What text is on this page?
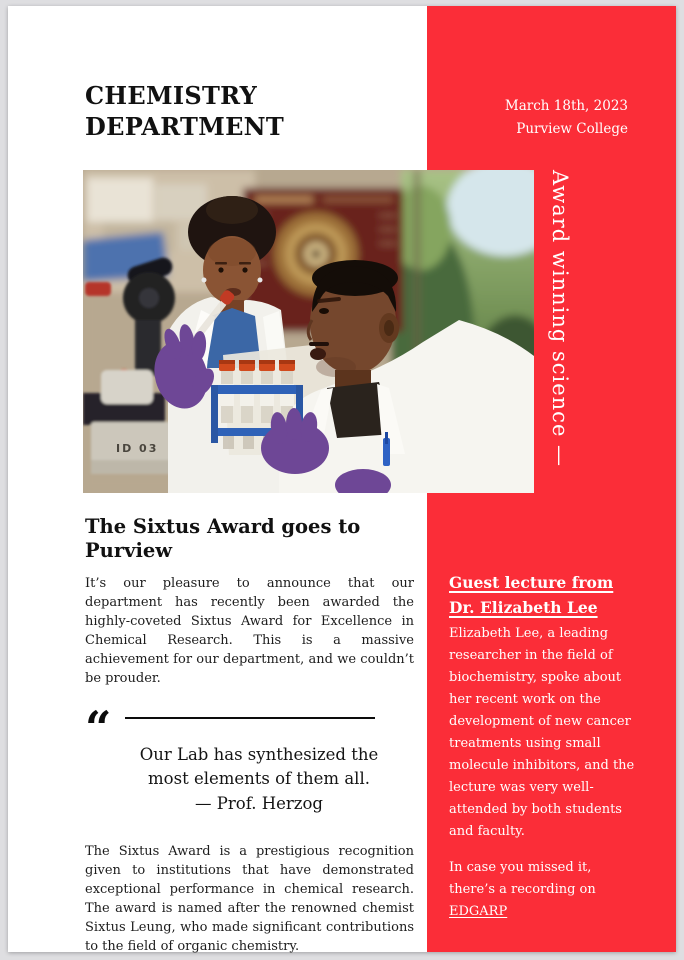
March 18th, 2023
Purview College
CHEMISTRY
DEPARTMENT
Award winning science —
ID 03
The Sixtus Award goes to Purview

It’s our pleasure to announce that our department has recently been awarded the highly-coveted Sixtus Award for Excellence in Chemical Research. This is a massive achievement for our department, and we couldn’t be prouder.

“	Our Lab has synthesized the most elements of them all.
— Prof. Herzog

The Sixtus Award is a prestigious recognition given to institutions that have demonstrated exceptional performance in chemical research. The award is named after the renowned chemist Sixtus Leung, who made significant contributions to the field of organic chemistry.

Guest lecture from Dr. Elizabeth Lee

Elizabeth Lee, a leading researcher in the field of biochemistry, spoke about her recent work on the development of new cancer treatments using small molecule inhibitors, and the lecture was very well-attended by both students and faculty.

In case you missed it, there’s a recording on EDGARP
